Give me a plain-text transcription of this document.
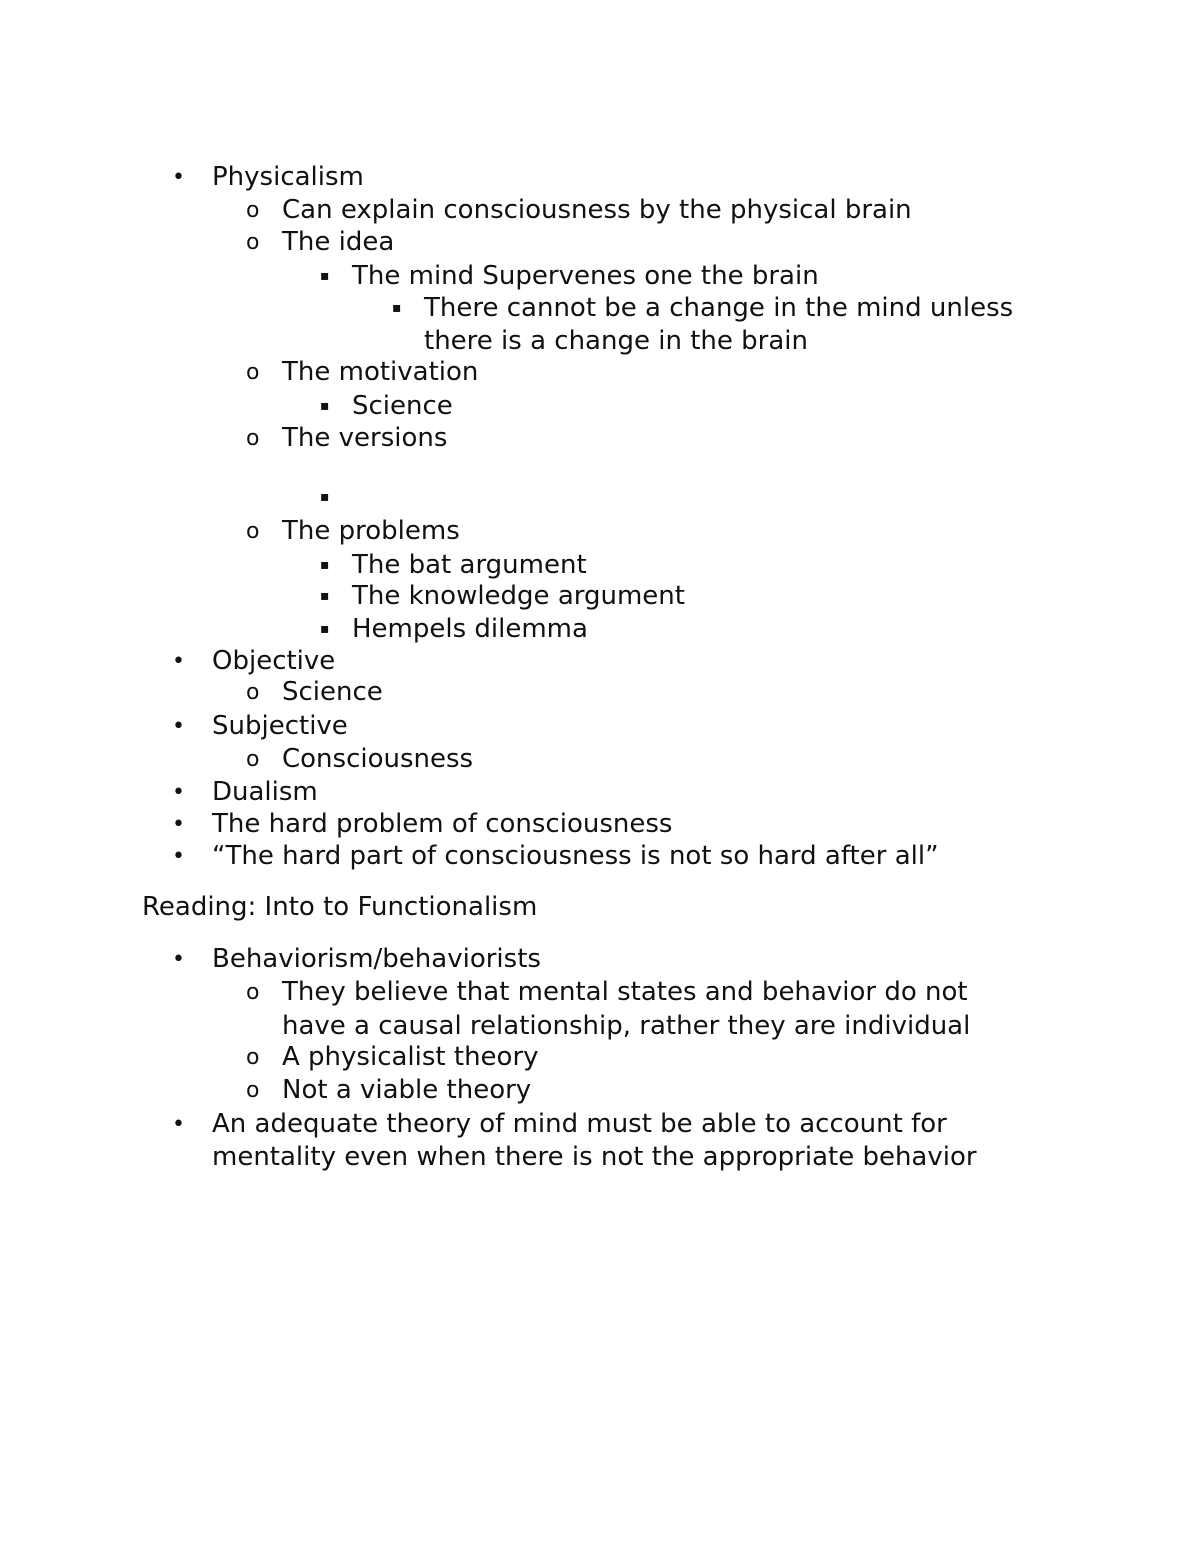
• Physicalism
o Can explain consciousness by the physical brain
o The idea
▪ The mind Supervenes one the brain
▪ There cannot be a change in the mind unless
there is a change in the brain
o The motivation
▪ Science
o The versions
▪
o The problems
▪ The bat argument
▪ The knowledge argument
▪ Hempels dilemma
• Objective
o Science
• Subjective
o Consciousness
• Dualism
• The hard problem of consciousness
• “The hard part of consciousness is not so hard after all”
Reading: Into to Functionalism
• Behaviorism/behaviorists
o They believe that mental states and behavior do not
have a causal relationship, rather they are individual
o A physicalist theory
o Not a viable theory
• An adequate theory of mind must be able to account for
mentality even when there is not the appropriate behavior
